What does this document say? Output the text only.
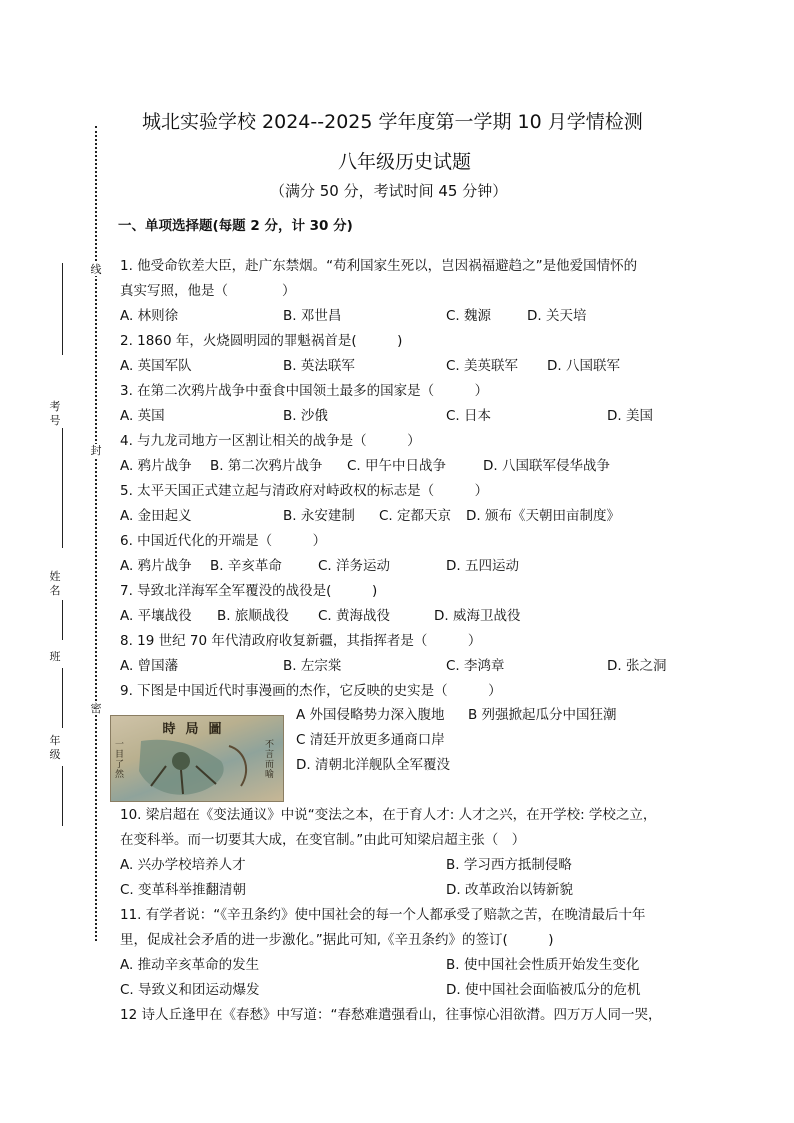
城北实验学校 2024--2025 学年度第一学期 10 月学情检测
八年级历史试题
（满分 50 分，考试时间 45 分钟）
一、单项选择题(每题 2 分，计 30 分)
线
封
密
考号
姓名
班
年级
1. 他受命钦差大臣，赴广东禁烟。“苟利国家生死以，岂因祸福避趋之”是他爱国情怀的
真实写照，他是（　　　　）
A. 林则徐	B. 邓世昌	C. 魏源	D. 关天培
2. 1860 年，火烧圆明园的罪魁祸首是(　　　)
A. 英国军队	B. 英法联军	C. 美英联军 D. 八国联军
3. 在第二次鸦片战争中蚕食中国领土最多的国家是（　　　）
A. 英国	B. 沙俄	C. 日本	D. 美国
4. 与九龙司地方一区割让相关的战争是（　　　）
A. 鸦片战争 B. 第二次鸦片战争 C. 甲午中日战争	D. 八国联军侵华战争
5. 太平天国正式建立起与清政府对峙政权的标志是（　　　）
A. 金田起义	B. 永安建制 C. 定都天京 D. 颁布《天朝田亩制度》
6. 中国近代化的开端是（　　　）
A. 鸦片战争 B. 辛亥革命	C. 洋务运动	D. 五四运动
7. 导致北洋海军全军覆没的战役是(　　　)
A. 平壤战役 B. 旅顺战役 C. 黄海战役	D. 威海卫战役
8. 19 世纪 70 年代清政府收复新疆，其指挥者是（　　　）
A. 曾国藩	B. 左宗棠	C. 李鸿章	D. 张之洞
9. 下图是中国近代时事漫画的杰作，它反映的史实是（　　　）
時局圖
一目了然
不言而喻
A 外国侵略势力深入腹地 B 列强掀起瓜分中国狂潮
C 清廷开放更多通商口岸
D. 清朝北洋舰队全军覆没
10. 梁启超在《变法通议》中说“变法之本，在于育人才: 人才之兴，在开学校: 学校之立，
在变科举。而一切要其大成，在变官制。”由此可知梁启超主张（　）
A. 兴办学校培养人才	B. 学习西方抵制侵略
C. 变革科举推翻清朝	D. 改革政治以铸新貌
11. 有学者说：“《辛丑条约》使中国社会的每一个人都承受了赔款之苦，在晚清最后十年
里，促成社会矛盾的进一步激化。”据此可知,《辛丑条约》的签订(　　　)
A. 推动辛亥革命的发生	B. 使中国社会性质开始发生变化
C. 导致义和团运动爆发	D. 使中国社会面临被瓜分的危机
12 诗人丘逢甲在《春愁》中写道：“春愁难遣强看山，往事惊心泪欲潸。四万万人同一哭，
